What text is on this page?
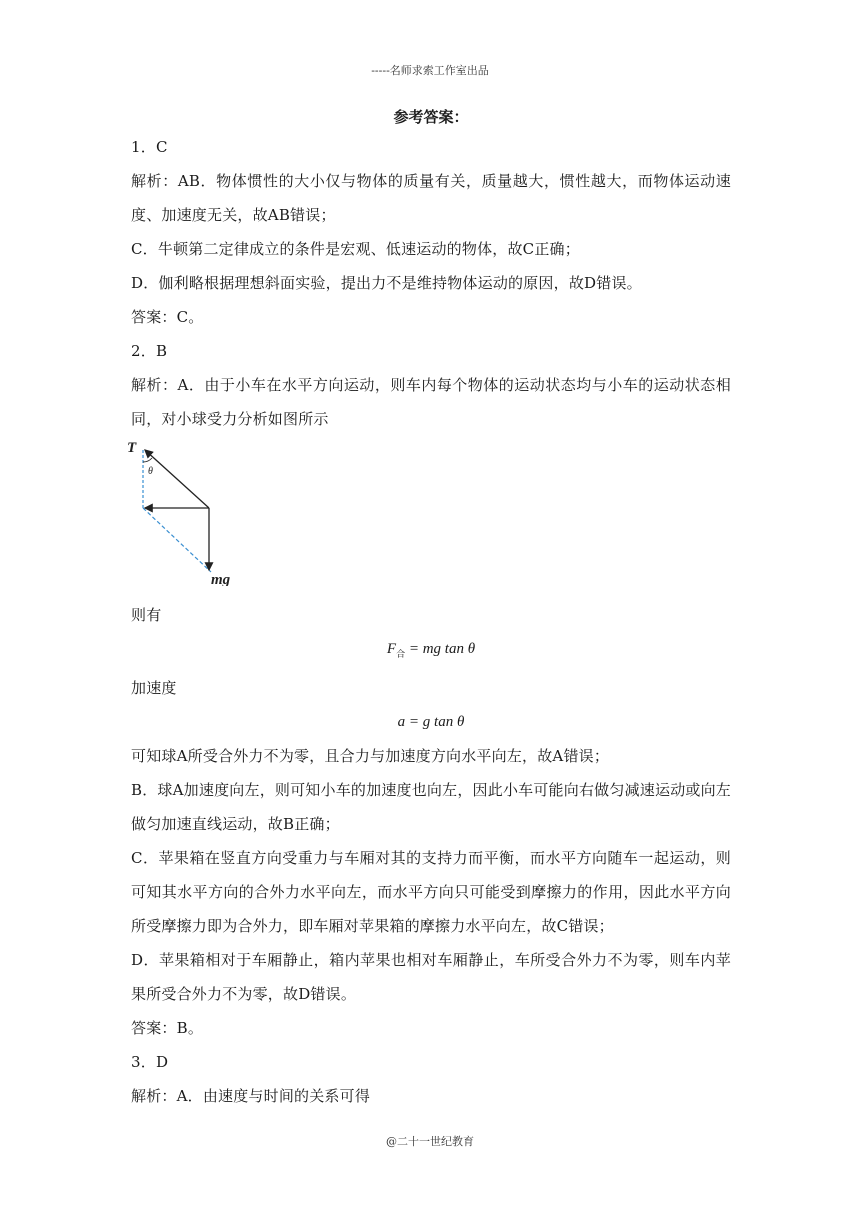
-----名师求索工作室出品
参考答案：

1．C

解析：AB．物体惯性的大小仅与物体的质量有关，质量越大，惯性越大，而物体运动速度、加速度无关，故AB错误；

C．牛顿第二定律成立的条件是宏观、低速运动的物体，故C正确；

D．伽利略根据理想斜面实验，提出力不是维持物体运动的原因，故D错误。

答案：C。

2．B

解析：A．由于小车在水平方向运动，则车内每个物体的运动状态均与小车的运动状态相同，对小球受力分析如图所示

T
θ
mg

则有

$F_合$ = mg tan θ

加速度

a = g tan θ

可知球A所受合外力不为零，且合力与加速度方向水平向左，故A错误；

B．球A加速度向左，则可知小车的加速度也向左，因此小车可能向右做匀减速运动或向左做匀加速直线运动，故B正确；

C．苹果箱在竖直方向受重力与车厢对其的支持力而平衡，而水平方向随车一起运动，则可知其水平方向的合外力水平向左，而水平方向只可能受到摩擦力的作用，因此水平方向所受摩擦力即为合外力，即车厢对苹果箱的摩擦力水平向左，故C错误；

D．苹果箱相对于车厢静止，箱内苹果也相对车厢静止，车所受合外力不为零，则车内苹果所受合外力不为零，故D错误。

答案：B。

3．D

解析：A．由速度与时间的关系可得

@二十一世纪教育
